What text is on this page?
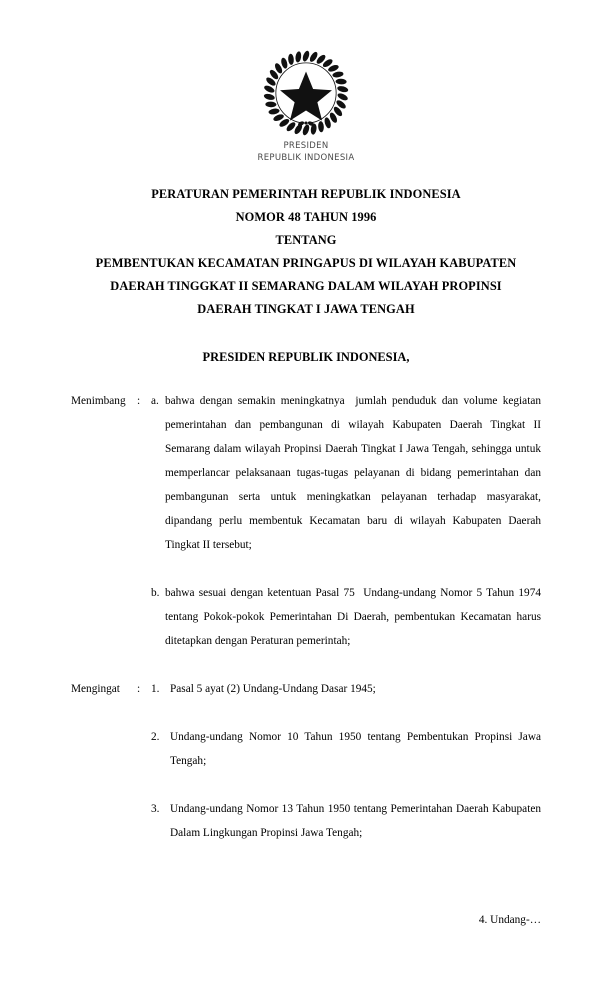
PRESIDEN
REPUBLIK INDONESIA
PERATURAN PEMERINTAH REPUBLIK INDONESIA
NOMOR 48 TAHUN 1996
TENTANG
PEMBENTUKAN KECAMATAN PRINGAPUS DI WILAYAH KABUPATEN
DAERAH TINGGKAT II SEMARANG DALAM WILAYAH PROPINSI
DAERAH TINGKAT I JAWA TENGAH
PRESIDEN REPUBLIK INDONESIA,
Menimbang	: a. bahwa dengan semakin meningkatnya  jumlah penduduk dan volume kegiatan pemerintahan dan pembangunan di wilayah Kabupaten Daerah Tingkat II Semarang dalam wilayah Propinsi Daerah Tingkat I Jawa Tengah, sehingga untuk memperlancar pelaksanaan tugas-tugas pelayanan di bidang pemerintahan dan pembangunan serta untuk meningkatkan pelayanan terhadap masyarakat, dipandang perlu membentuk Kecamatan baru di wilayah Kabupaten Daerah Tingkat II tersebut;
b. bahwa sesuai dengan ketentuan Pasal 75  Undang-undang Nomor 5 Tahun 1974 tentang Pokok-pokok Pemerintahan Di Daerah, pembentukan Kecamatan harus ditetapkan dengan Peraturan pemerintah;
Mengingat	: 1. Pasal 5 ayat (2) Undang-Undang Dasar 1945;
2. Undang-undang Nomor 10 Tahun 1950 tentang Pembentukan Propinsi Jawa Tengah;
3. Undang-undang Nomor 13 Tahun 1950 tentang Pemerintahan Daerah Kabupaten Dalam Lingkungan Propinsi Jawa Tengah;
4. Undang-…
